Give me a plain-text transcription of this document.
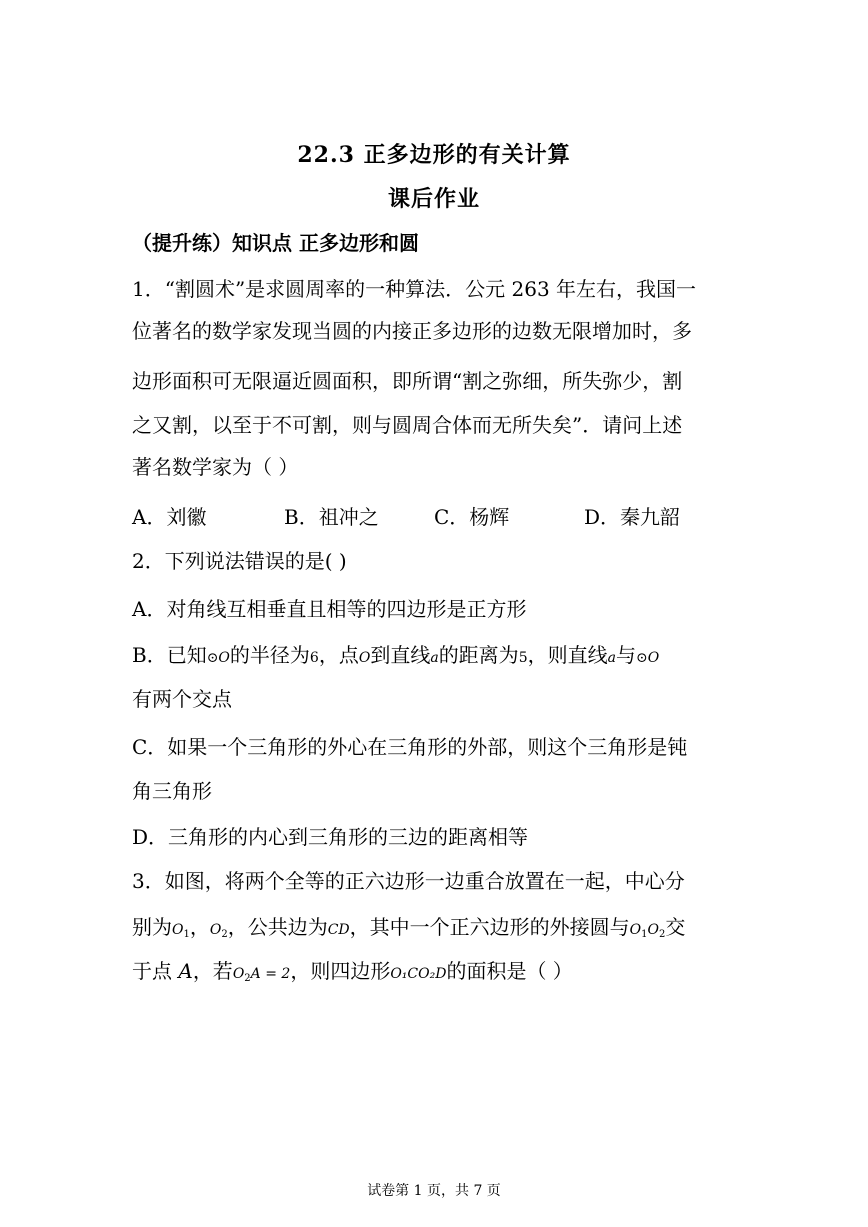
22.3 正多边形的有关计算
课后作业
（提升练）知识点 正多边形和圆
1．“割圆术”是求圆周率的一种算法．公元 263 年左右，我国一
位著名的数学家发现当圆的内接正多边形的边数无限增加时，多
边形面积可无限逼近圆面积，即所谓“割之弥细，所失弥少，割
之又割，以至于不可割，则与圆周合体而无所失矣”．请问上述
著名数学家为（ ）
A．刘徽	B．祖冲之	C．杨辉	D．秦九韶
2．下列说法错误的是( )
A．对角线互相垂直且相等的四边形是正方形
B．已知⊙O的半径为6，点O到直线a的距离为5，则直线a与⊙O
有两个交点
C．如果一个三角形的外心在三角形的外部，则这个三角形是钝
角三角形
D．三角形的内心到三角形的三边的距离相等
3．如图，将两个全等的正六边形一边重合放置在一起，中心分
别为$O_1$，$O_2$，公共边为CD，其中一个正六边形的外接圆与$O_1O_2$交
于点 A，若$O_2A = 2$，则四边形O₁CO₂D的面积是（ ）
试卷第 1 页，共 7 页
